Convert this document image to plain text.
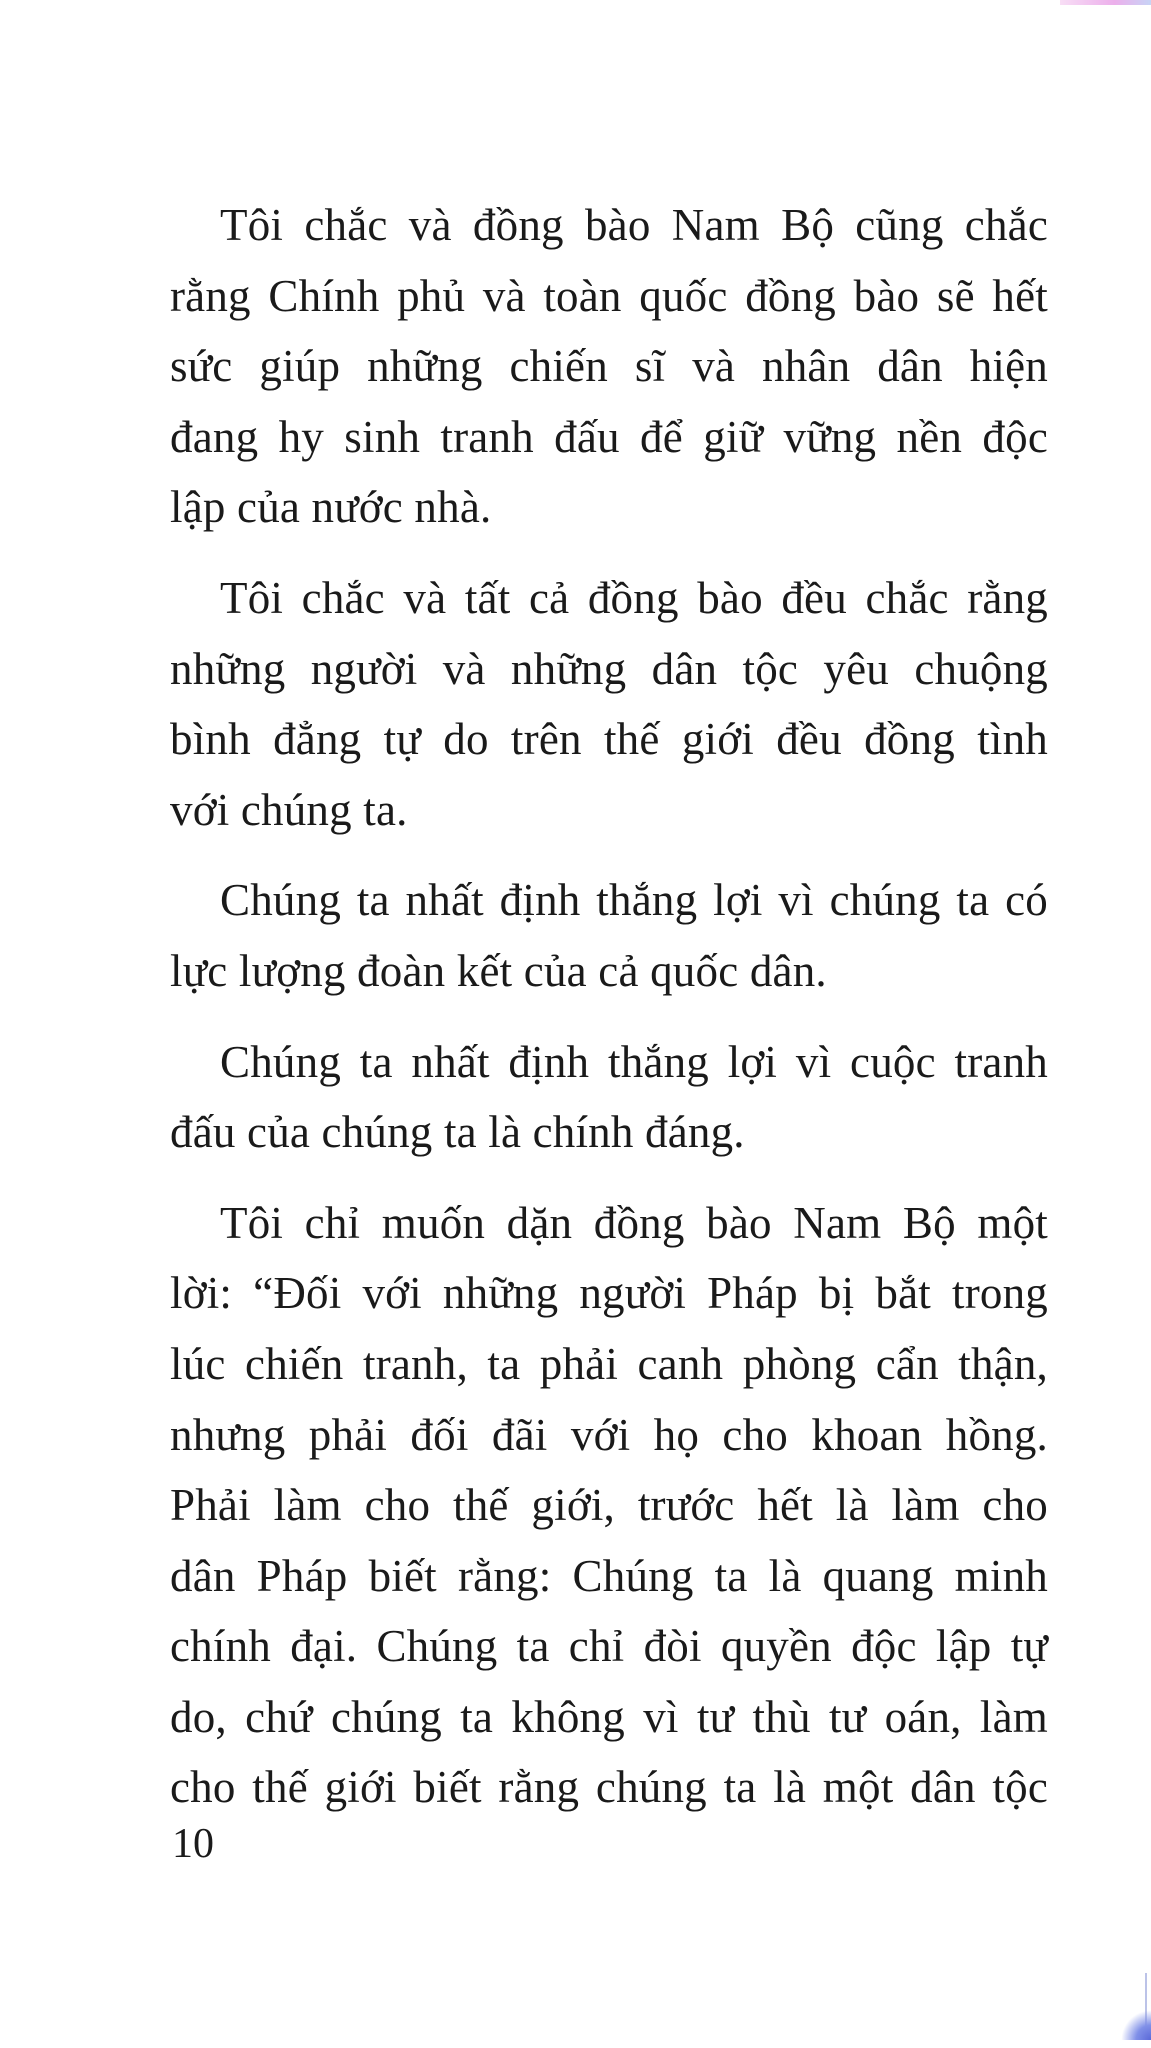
Tôi chắc và đồng bào Nam Bộ cũng chắc
rằng Chính phủ và toàn quốc đồng bào sẽ hết
sức giúp những chiến sĩ và nhân dân hiện
đang hy sinh tranh đấu để giữ vững nền độc
lập của nước nhà.
Tôi chắc và tất cả đồng bào đều chắc rằng
những người và những dân tộc yêu chuộng
bình đẳng tự do trên thế giới đều đồng tình
với chúng ta.
Chúng ta nhất định thắng lợi vì chúng ta có
lực lượng đoàn kết của cả quốc dân.
Chúng ta nhất định thắng lợi vì cuộc tranh
đấu của chúng ta là chính đáng.
Tôi chỉ muốn dặn đồng bào Nam Bộ một
lời: “Đối với những người Pháp bị bắt trong
lúc chiến tranh, ta phải canh phòng cẩn thận,
nhưng phải đối đãi với họ cho khoan hồng.
Phải làm cho thế giới, trước hết là làm cho
dân Pháp biết rằng: Chúng ta là quang minh
chính đại. Chúng ta chỉ đòi quyền độc lập tự
do, chứ chúng ta không vì tư thù tư oán, làm
cho thế giới biết rằng chúng ta là một dân tộc
10
